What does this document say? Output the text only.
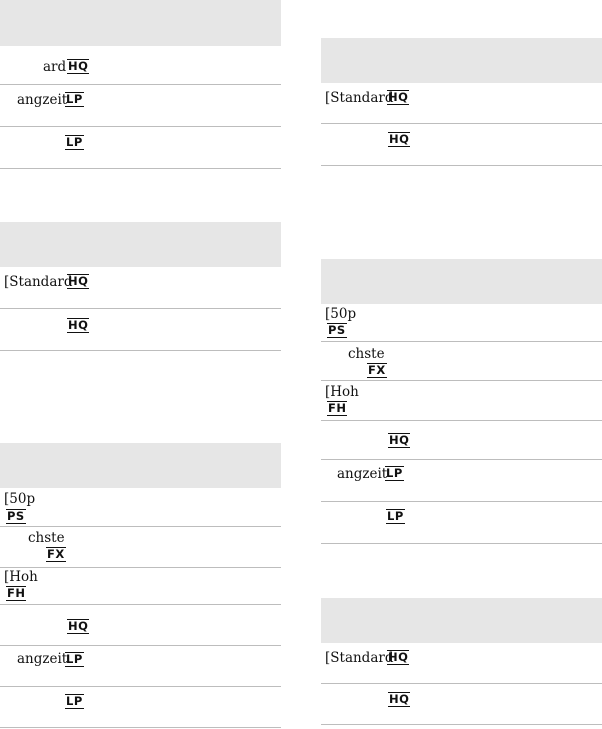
ard HQ
angzeit
LP
LP
[Standard
HQ
HQ
[50p
PS
chste
FX
[Hoh
FH
HQ
angzeit
LP
LP
[Standard
HQ
HQ
[50p
PS
chste
FX
[Hoh
FH
HQ
angzeit
LP
LP
[Standard
HQ
HQ
